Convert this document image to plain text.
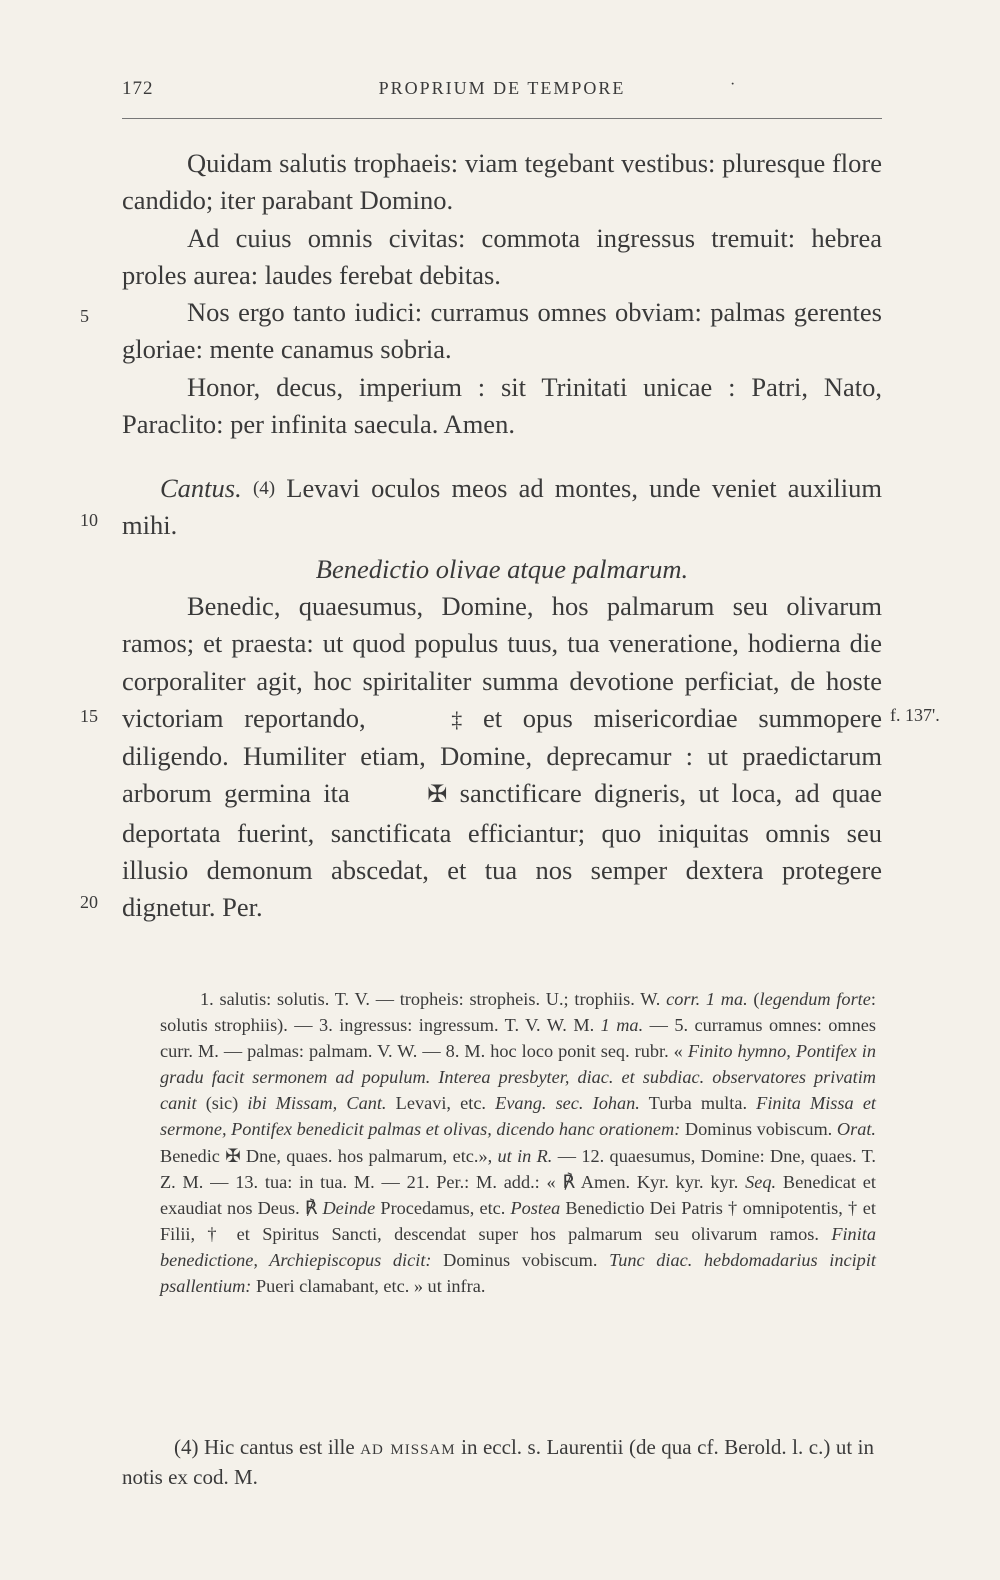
172	PROPRIUM DE TEMPORE	·
Quidam salutis trophaeis: viam tegebant vestibus: pluresque flore candido; iter parabant Domino.
Ad cuius omnis civitas: commota ingressus tremuit: hebrea proles aurea: laudes ferebat debitas.
Nos ergo tanto iudici: curramus omnes obviam: palmas gerentes gloriae: mente canamus sobria.
Honor, decus, imperium : sit Trinitati unicae : Patri, Nato, Paraclito: per infinita saecula. Amen.
Cantus. (4) Levavi oculos meos ad montes, unde veniet auxilium mihi.
Benedictio olivae atque palmarum.
Benedic, quaesumus, Domine, hos palmarum seu olivarum ramos; et praesta: ut quod populus tuus, tua veneratione, hodierna die corporaliter agit, hoc spiritaliter summa devotione perficiat, de hoste victoriam reportando,	‡ et opus misericordiae summopere diligendo. Humiliter etiam, Domine, deprecamur : ut praedictarum arborum germina ita	✠ sanctificare digneris, ut loca, ad quae deportata fuerint, sanctificata efficiantur; quo iniquitas omnis seu illusio demonum abscedat, et tua nos semper dextera protegere dignetur. Per.
5
10
15
20
f. 137'.
1. salutis: solutis. T. V. — tropheis: stropheis. U.; trophiis. W. corr. 1 ma. (legendum forte: solutis strophiis). — 3. ingressus: ingressum. T. V. W. M. 1 ma. — 5. curramus omnes: omnes curr. M. — palmas: palmam. V. W. — 8. M. hoc loco ponit seq. rubr. « Finito hymno, Pontifex in gradu facit sermonem ad populum. Interea presbyter, diac. et subdiac. observatores privatim canit (sic) ibi Missam, Cant. Levavi, etc. Evang. sec. Iohan. Turba multa. Finita Missa et sermone, Pontifex benedicit palmas et olivas, dicendo hanc orationem: Dominus vobiscum. Orat. Benedic ✠ Dne, quaes. hos palmarum, etc.», ut in R. — 12. quaesumus, Domine: Dne, quaes. T. Z. M. — 13. tua: in tua. M. — 21. Per.: M. add.: « ℟ Amen. Kyr. kyr. kyr. Seq. Benedicat et exaudiat nos Deus. ℟ Deinde Procedamus, etc. Postea Benedictio Dei Patris † omnipotentis, † et Filii, † et Spiritus Sancti, descendat super hos palmarum seu olivarum ramos. Finita benedictione, Archiepiscopus dicit: Dominus vobiscum. Tunc diac. hebdomadarius incipit psallentium: Pueri clamabant, etc. » ut infra.
(4) Hic cantus est ille ad missam in eccl. s. Laurentii (de qua cf. Berold. l. c.) ut in notis ex cod. M.
